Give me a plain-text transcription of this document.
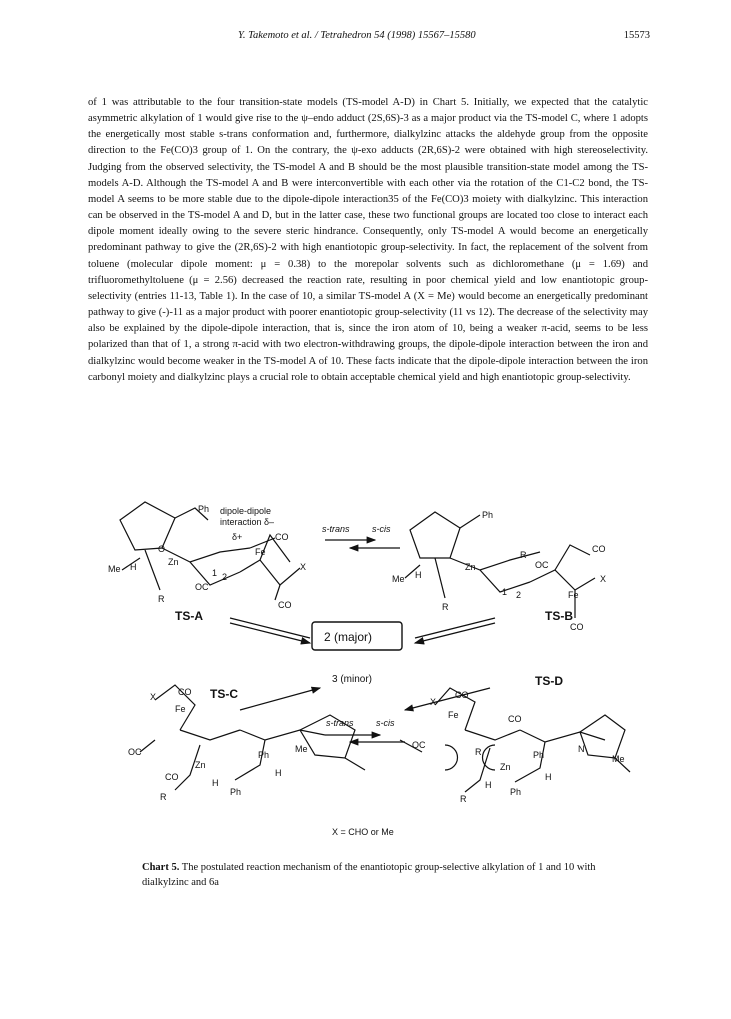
Y. Takemoto et al. / Tetrahedron 54 (1998) 15567–15580	15573

of 1 was attributable to the four transition-state models (TS-model A-D) in Chart 5. Initially, we expected that the catalytic asymmetric alkylation of 1 would give rise to the ψ–endo adduct (2S,6S)-3 as a major product via the TS-model C, where 1 adopts the energetically most stable s-trans conformation and, furthermore, dialkylzinc attacks the aldehyde group from the opposite direction to the Fe(CO)3 group of 1. On the contrary, the ψ-exo adducts (2R,6S)-2 were obtained with high stereoselectivity. Judging from the observed selectivity, the TS-model A and B should be the most plausible transition-state model among the TS-models A-D. Although the TS-model A and B were interconvertible with each other via the rotation of the C1-C2 bond, the TS-model A seems to be more stable due to the dipole-dipole interaction35 of the Fe(CO)3 moiety with dialkylzinc. This interaction can be observed in the TS-model A and D, but in the latter case, these two functional groups are located too close to interact each dipole moment ideally owing to the severe steric hindrance. Consequently, only TS-model A would become an energetically predominant pathway to give the (2R,6S)-2 with high enantiotopic group-selectivity. In fact, the replacement of the solvent from toluene (molecular dipole moment: μ = 0.38) to the morepolar solvents such as dichloromethane (μ = 1.69) and trifluoromethyltoluene (μ = 2.56) decreased the reaction rate, resulting in poor chemical yield and low enantiotopic group-selectivity (entries 11-13, Table 1). In the case of 10, a similar TS-model A (X = Me) would become an energetically predominant pathway to give (-)-11 as a major product with poorer enantiotopic group-selectivity (11 vs 12). The decrease of the selectivity may also be explained by the dipole-dipole interaction, that is, since the iron atom of 10, being a weaker π-acid, seems to be less polarized than that of 1, a strong π-acid with two electron-withdrawing groups, the dipole-dipole interaction between the iron and dialkylzinc would become weaker in the TS-model A of 10. These facts indicate that the dipole-dipole interaction between the iron carbonyl moiety and dialkylzinc plays a crucial role to obtain acceptable chemical yield and high enantiotopic group-selectivity.

dipole-dipole
interaction δ–
Ph
Me H
R
Zn
O
δ+	CO
Fe
X
OC
CO
1 2
TS-A
s-trans s-cis
Ph
Me H
R
Zn
R
OC
CO
X
Fe
CO
1 2
TS-B
2 (major)
3 (minor)
X CO TS-C
Fe
OC
CO
Zn
R
Ph
Ph
Me
H
H
s-trans s-cis
TS-D
X
CO
Fe	CO
OC
R
Zn
R
Ph
Ph
N
Me
H
H
X = CHO or Me
Chart 5. The postulated reaction mechanism of the enantiotopic group-selective alkylation of 1 and 10 with dialkylzinc and 6a
